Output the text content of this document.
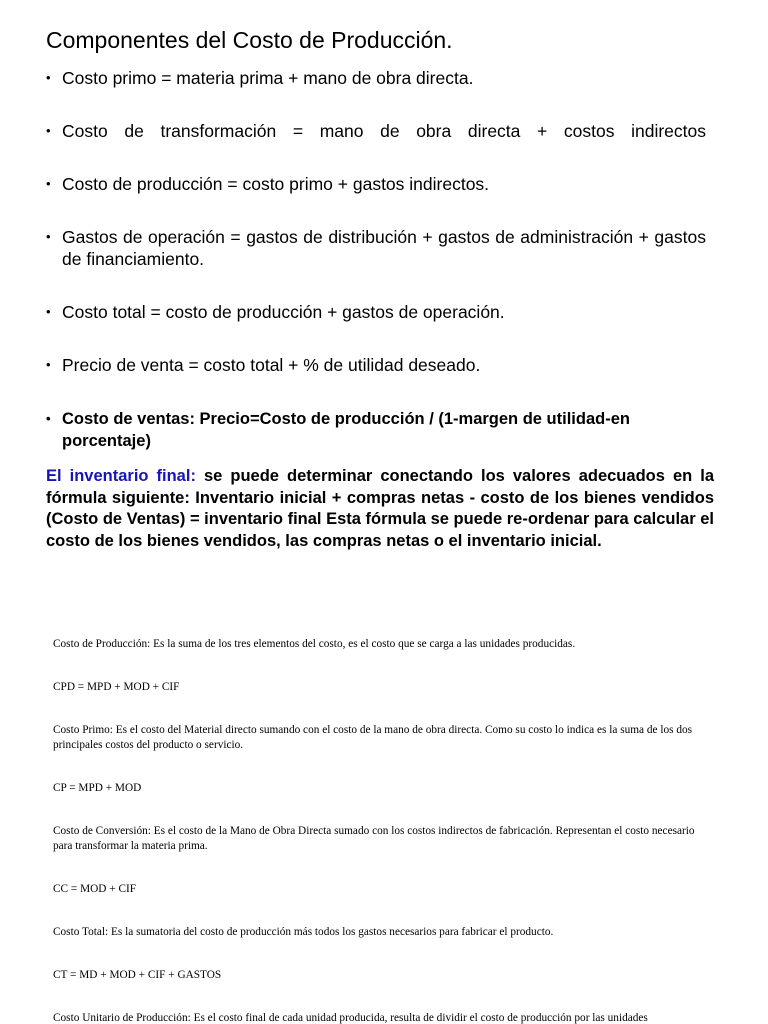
Componentes del Costo de Producción.
• Costo primo = materia prima + mano de obra directa.
• Costo de transformación = mano de obra directa + costos indirectos
• Costo de producción = costo primo + gastos indirectos.
• Gastos de operación = gastos de distribución + gastos de administración + gastos de financiamiento.
• Costo total = costo de producción + gastos de operación.
• Precio de venta = costo total + % de utilidad deseado.
• Costo de ventas: Precio=Costo de producción / (1-margen de utilidad-en porcentaje)
El inventario final: se puede determinar conectando los valores adecuados en la fórmula siguiente: Inventario inicial + compras netas - costo de los bienes vendidos (Costo de Ventas) = inventario final Esta fórmula se puede re-ordenar para calcular el costo de los bienes vendidos, las compras netas o el inventario inicial.
Costo de Producción: Es la suma de los tres elementos del costo, es el costo que se carga a las unidades producidas.
CPD = MPD + MOD + CIF
Costo Primo: Es el costo del Material directo sumando con el costo de la mano de obra directa. Como su costo lo indica es la suma de los dos principales costos del producto o servicio.
CP = MPD + MOD
Costo de Conversión: Es el costo de la Mano de Obra Directa sumado con los costos indirectos de fabricación. Representan el costo necesario para transformar la materia prima.
CC = MOD + CIF
Costo Total: Es la sumatoria del costo de producción más todos los gastos necesarios para fabricar el producto.
CT = MD + MOD + CIF + GASTOS
Costo Unitario de Producción: Es el costo final de cada unidad producida, resulta de dividir el costo de producción por las unidades
